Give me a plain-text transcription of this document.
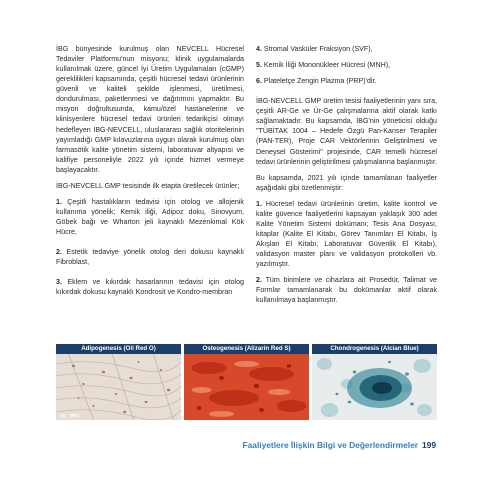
İBG bünyesinde kurulmuş olan NEVCELL Hücresel Tedaviler Platformu'nun misyonu; klinik uygulamalarda kullanılmak üzere, güncel İyi Üretim Uygulamaları (cGMP) gereklilikleri kapsamında, çeşitli hücresel tedavi ürünlerinin güvenli ve kaliteli şekilde işlenmesi, üretilmesi, dondurulması, paketlenmesi ve dağıtımını yapmaktır. Bu misyon doğrultusunda, kamu/özel hastanelerine ve klinisyenlere hücresel tedavi ürünleri tedarikçisi olmayı hedefleyen İBG-NEVCELL, uluslararası sağlık otoritelerinin yayımladığı GMP kılavuzlarına uygun olarak kurulmuş olan farmasötik kalite yönetim sistemi, laboratuvar altyapısı ve kalifiye personeliyle 2022 yılı içinde hizmet vermeye başlayacaktır.

İBG-NEVCELL GMP tesisinde ilk etapta üretilecek ürünler;

1. Çeşitli hastalıkların tedavisi için otolog ve allojenik kullanıma yönelik; Kemik iliği, Adipoz doku, Sinovyum, Göbek bağı ve Wharton jeli kaynaklı Mezenkimal Kök Hücre,

2. Estetik tedaviye yönelik otolog deri dokusu kaynaklı Fibroblast,

3. Eklem ve kıkırdak hasarlarının tedavisi için otolog kıkırdak dokusu kaynaklı Kondrosit ve Kondro-membran

4. Stromal Vasküler Fraksiyon (SVF),

5. Kemik İliği Mononükleer Hücresi (MNH),

6. Plateletçe Zengin Plazma (PRP)'dir.

İBG-NEVCELL GMP üretim tesisi faaliyetlerinin yanı sıra, çeşitli AR-Ge ve Ür-Ge çalışmalarına aktif olarak katkı sağlamaktadır. Bu kapsamda, İBG'nin yöneticisi olduğu "TÜBİTAK 1004 – Hedefe Özgü Pan-Kanser Terapiler (PAN-TER), Proje CAR Vektörlerinin Geliştirilmesi ve Deneysel Gösterimi" projesinde, CAR temelli hücresel tedavi ürünlerinin geliştirilmesi çalışmalarına başlanmıştır.

Bu kapsamda, 2021 yılı içinde tamamlanan faaliyetler aşağıdaki gibi özetlenmiştir:

1. Hücresel tedavi ürünlerinin üretim, kalite kontrol ve kalite güvence faaliyetlerini kapsayan yaklaşık 300 adet Kalite Yönetim Sistemi dokümanı; Tesis Ana Dosyası, kitaplar (Kalite El Kitabı, Görev Tanımları El Kitabı, İş Akışları El Kitabı, Laboratuvar Güvenlik El Kitabı), validasyon master planı ve validasyon protokolleri vb. yazılmıştır.

2. Tüm birimlere ve cihazlara ait Prosedür, Talimat ve Formlar tamamlanarak bu dokümanlar aktif olarak kullanılmaya başlanmıştır.

Adipogenesis (Oil Red O)
AD - MSC
Osteogenesis (Alizarin Red S)	Chondrogenesis (Alcian Blue)
Faaliyetlere İlişkin Bilgi ve Değerlendirmeler 199
